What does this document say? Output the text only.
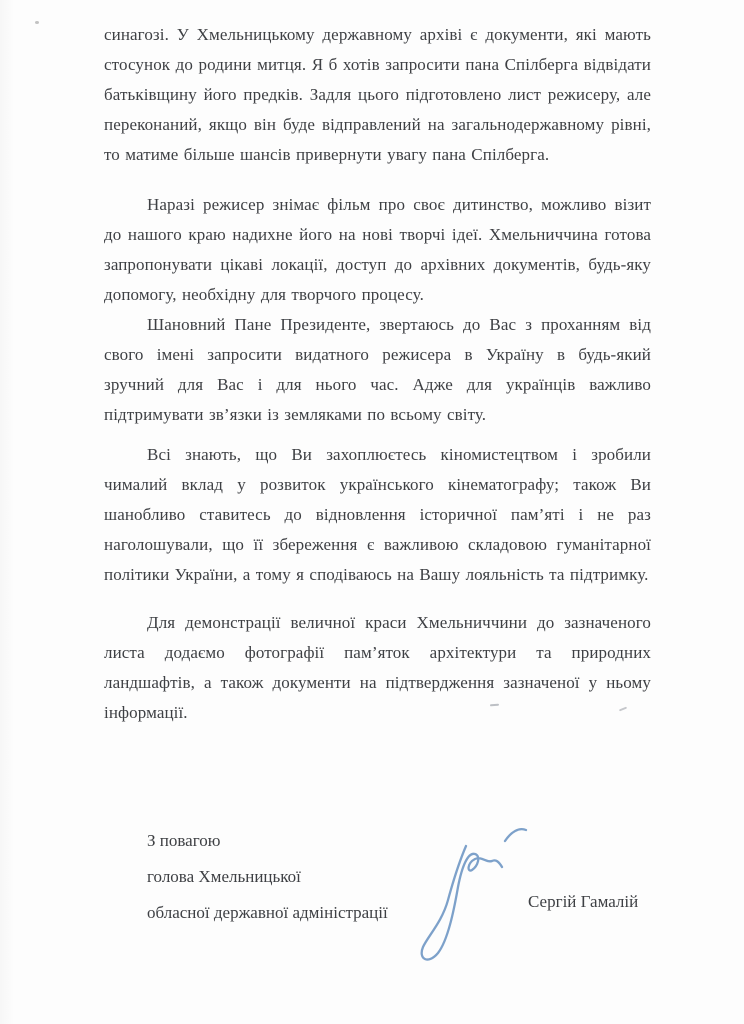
синагозі. У Хмельницькому державному архіві є документи, які мають стосунок до родини митця. Я б хотів запросити пана Спілберга відвідати батьківщину його предків. Задля цього підготовлено лист режисеру, але переконаний, якщо він буде відправлений на загальнодержавному рівні, то матиме більше шансів привернути увагу пана Спілберга.

Наразі режисер знімає фільм про своє дитинство, можливо візит до нашого краю надихне його на нові творчі ідеї. Хмельниччина готова запропонувати цікаві локації, доступ до архівних документів, будь-яку допомогу, необхідну для творчого процесу.

Шановний Пане Президенте, звертаюсь до Вас з проханням від свого імені запросити видатного режисера в Україну в будь-який зручний для Вас і для нього час. Адже для українців важливо підтримувати зв’язки із земляками по всьому світу.

Всі знають, що Ви захоплюєтесь кіномистецтвом і зробили чималий вклад у розвиток українського кінематографу; також Ви шанобливо ставитесь до відновлення історичної пам’яті і не раз наголошували, що її збереження є важливою складовою гуманітарної політики України, а тому я сподіваюсь на Вашу лояльність та підтримку.

Для демонстрації величної краси Хмельниччини до зазначеного листа додаємо фотографії пам’яток архітектури та природних ландшафтів, а також документи на підтвердження зазначеної у ньому інформації.

З повагою
голова Хмельницької
обласної державної адміністрації
Сергій Гамалій
